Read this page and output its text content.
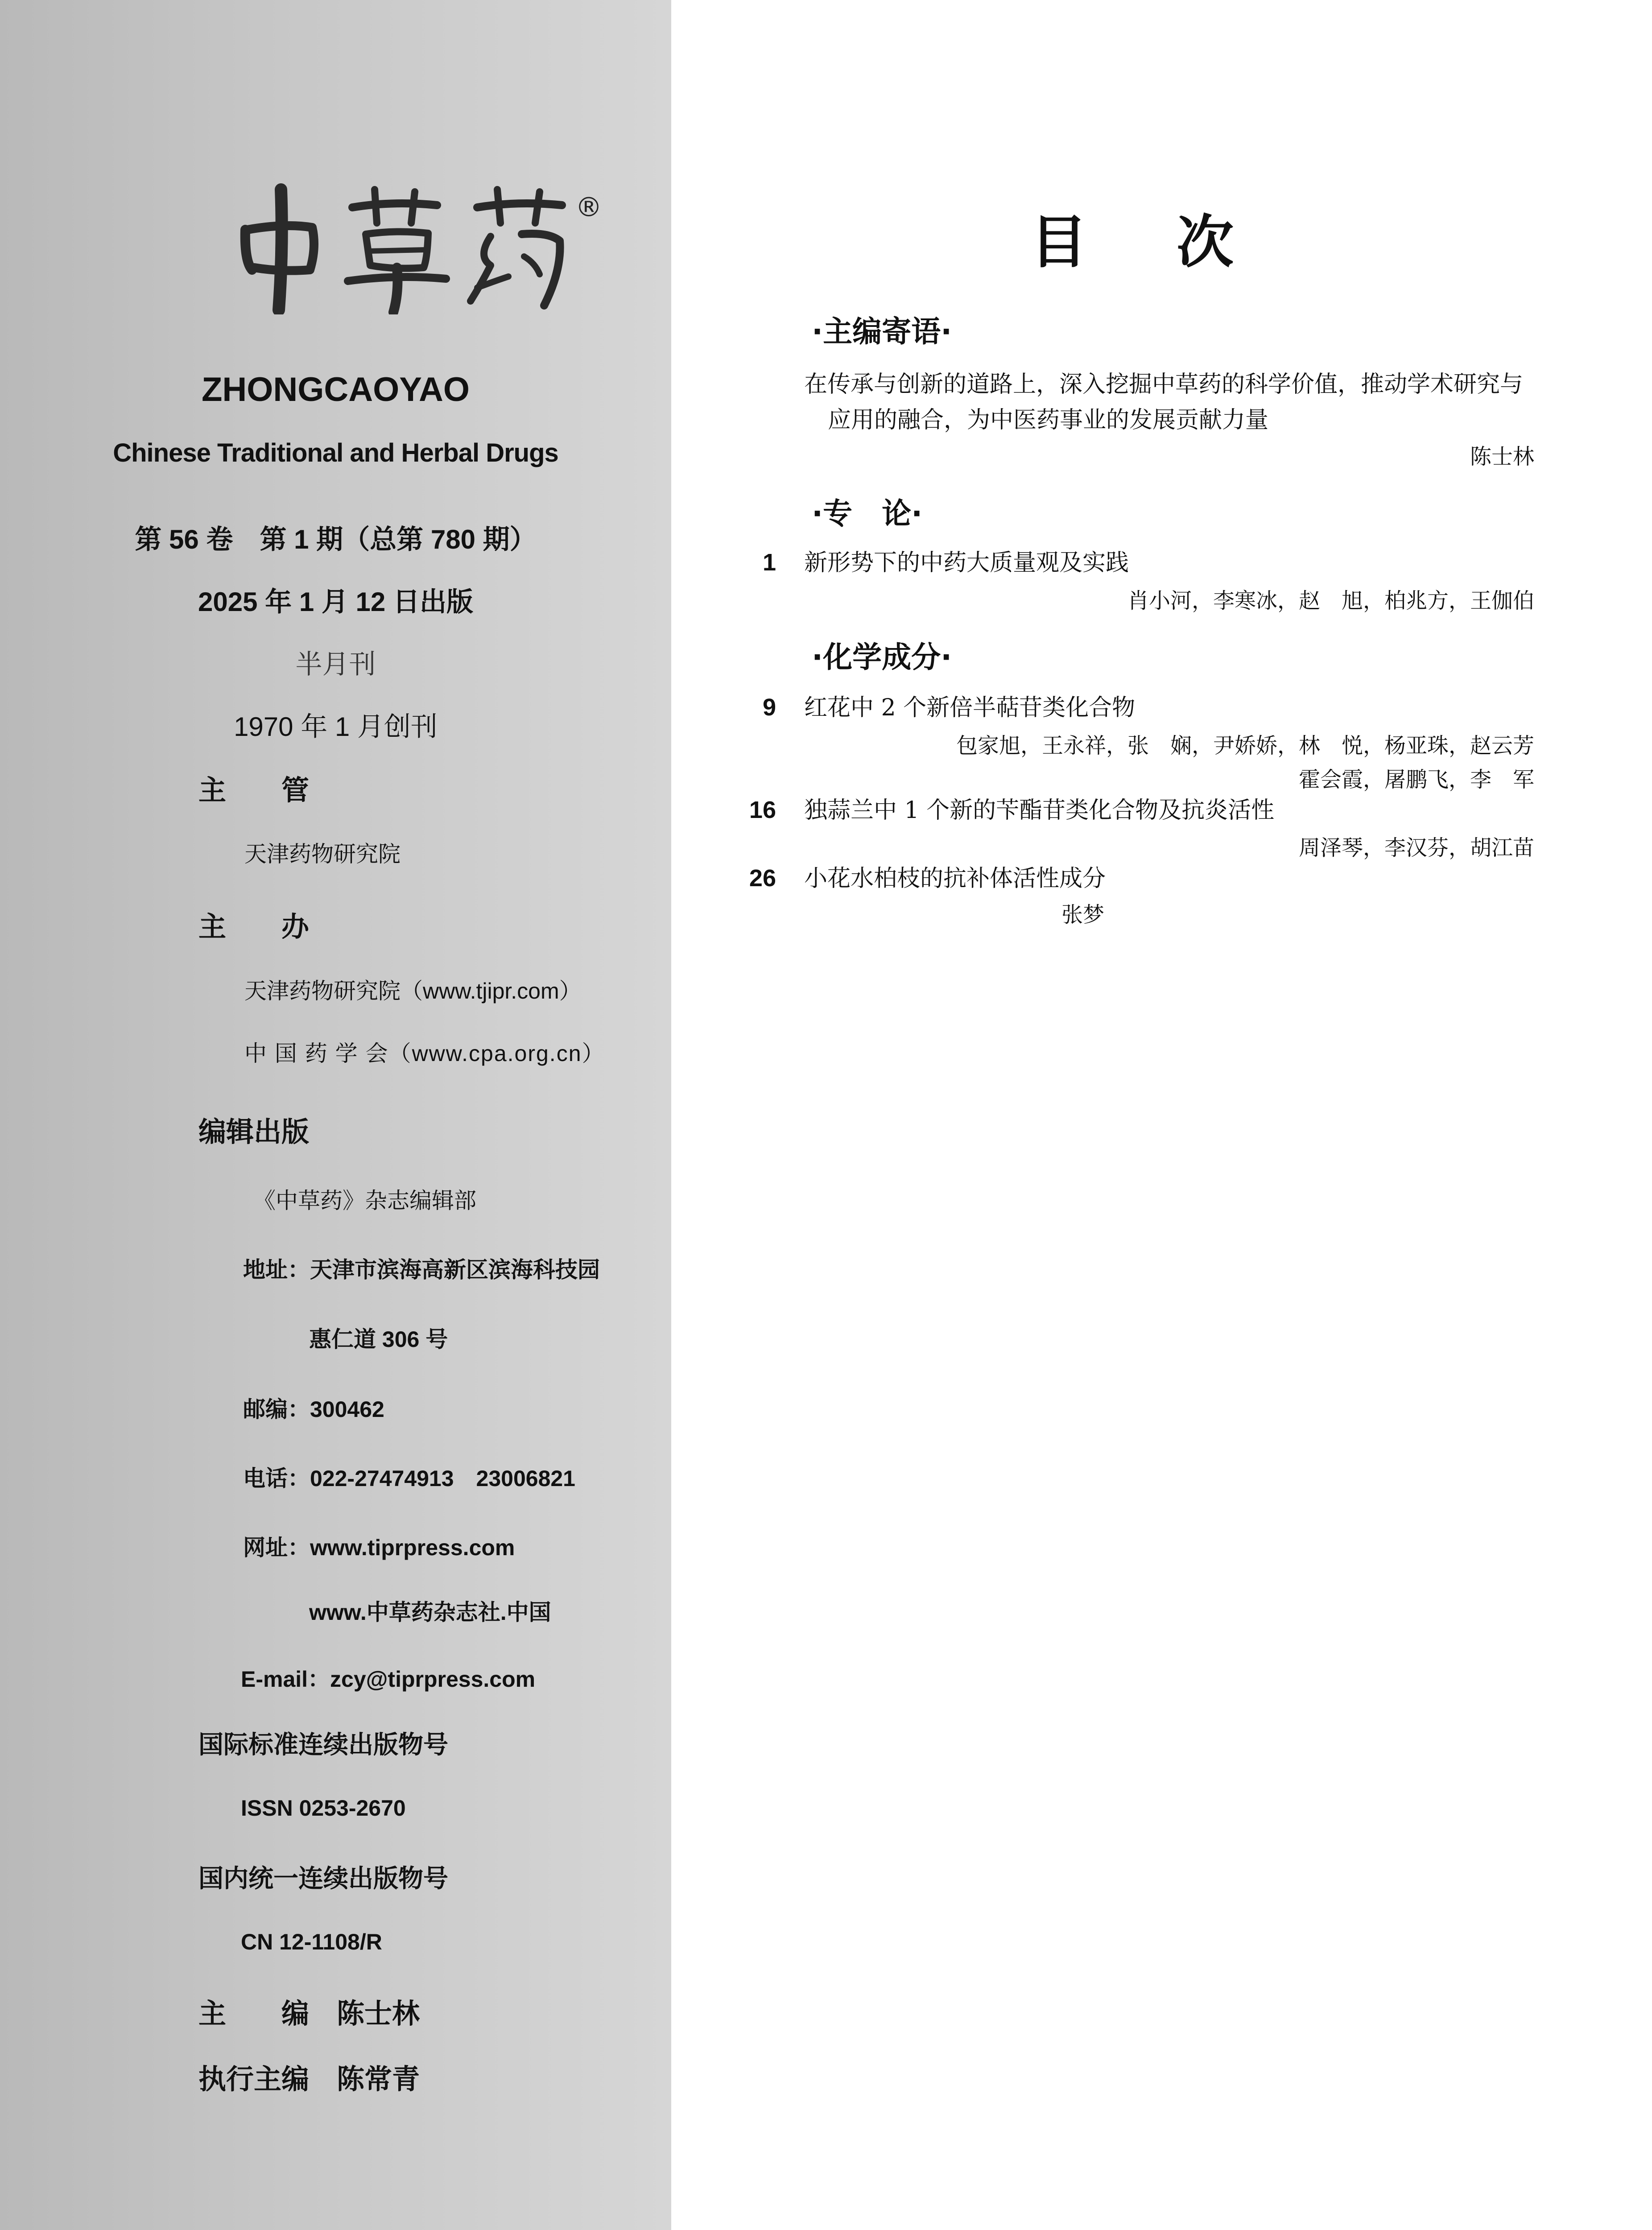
®
ZHONGCAOYAO
Chinese Traditional and Herbal Drugs
第 56 卷　第 1 期（总第 780 期）
2025 年 1 月 12 日出版
半月刊
1970 年 1 月创刊
主　　管
天津药物研究院
主　　办
天津药物研究院（www.tjipr.com）
中 国 药 学 会（www.cpa.org.cn）
编辑出版
《中草药》杂志编辑部
地址：天津市滨海高新区滨海科技园
惠仁道 306 号
邮编：300462
电话：022-27474913　23006821
网址：www.tiprpress.com
www.中草药杂志社.中国
E-mail：zcy@tiprpress.com
国际标准连续出版物号
ISSN 0253-2670
国内统一连续出版物号
CN 12-1108/R
主　　编　陈士林
执行主编　陈常青
目次
·主编寄语·
在传承与创新的道路上，深入挖掘中草药的科学价值，推动学术研究与
应用的融合，为中医药事业的发展贡献力量
陈士林
·专　论·
1 新形势下的中药大质量观及实践
肖小河，李寒冰，赵　旭，柏兆方，王伽伯
·化学成分·
9 红花中 2 个新倍半萜苷类化合物
包家旭，王永祥，张　娴，尹娇娇，林　悦，杨亚珠，赵云芳
霍会霞，屠鹏飞，李　军
16 独蒜兰中 1 个新的苄酯苷类化合物及抗炎活性
周泽琴，李汉芬，胡江苗
26 小花水柏枝的抗补体活性成分
张梦
